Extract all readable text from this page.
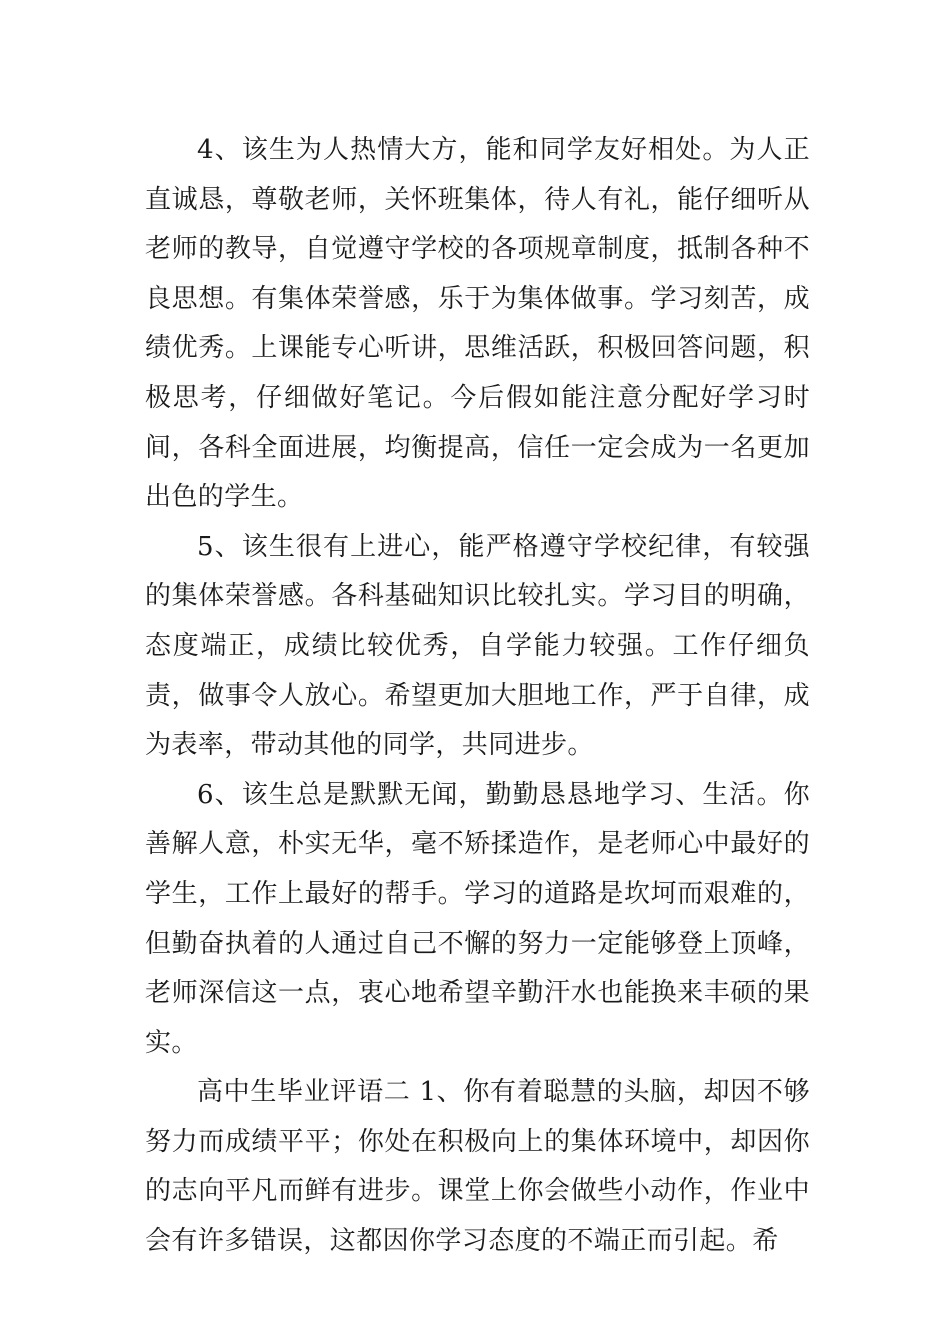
4、该生为人热情大方，能和同学友好相处。为人正直诚恳，尊敬老师，关怀班集体，待人有礼，能仔细听从老师的教导，自觉遵守学校的各项规章制度，抵制各种不良思想。有集体荣誉感，乐于为集体做事。学习刻苦，成绩优秀。上课能专心听讲，思维活跃，积极回答问题，积极思考，仔细做好笔记。今后假如能注意分配好学习时间，各科全面进展，均衡提高，信任一定会成为一名更加出色的学生。

5、该生很有上进心，能严格遵守学校纪律，有较强的集体荣誉感。各科基础知识比较扎实。学习目的明确，态度端正，成绩比较优秀，自学能力较强。工作仔细负责，做事令人放心。希望更加大胆地工作，严于自律，成为表率，带动其他的同学，共同进步。

6、该生总是默默无闻，勤勤恳恳地学习、生活。你善解人意，朴实无华，毫不矫揉造作，是老师心中最好的学生，工作上最好的帮手。学习的道路是坎坷而艰难的，但勤奋执着的人通过自己不懈的努力一定能够登上顶峰，老师深信这一点，衷心地希望辛勤汗水也能换来丰硕的果实。

高中生毕业评语二 1、你有着聪慧的头脑，却因不够努力而成绩平平；你处在积极向上的集体环境中，却因你的志向平凡而鲜有进步。课堂上你会做些小动作，作业中会有许多错误，这都因你学习态度的不端正而引起。希
